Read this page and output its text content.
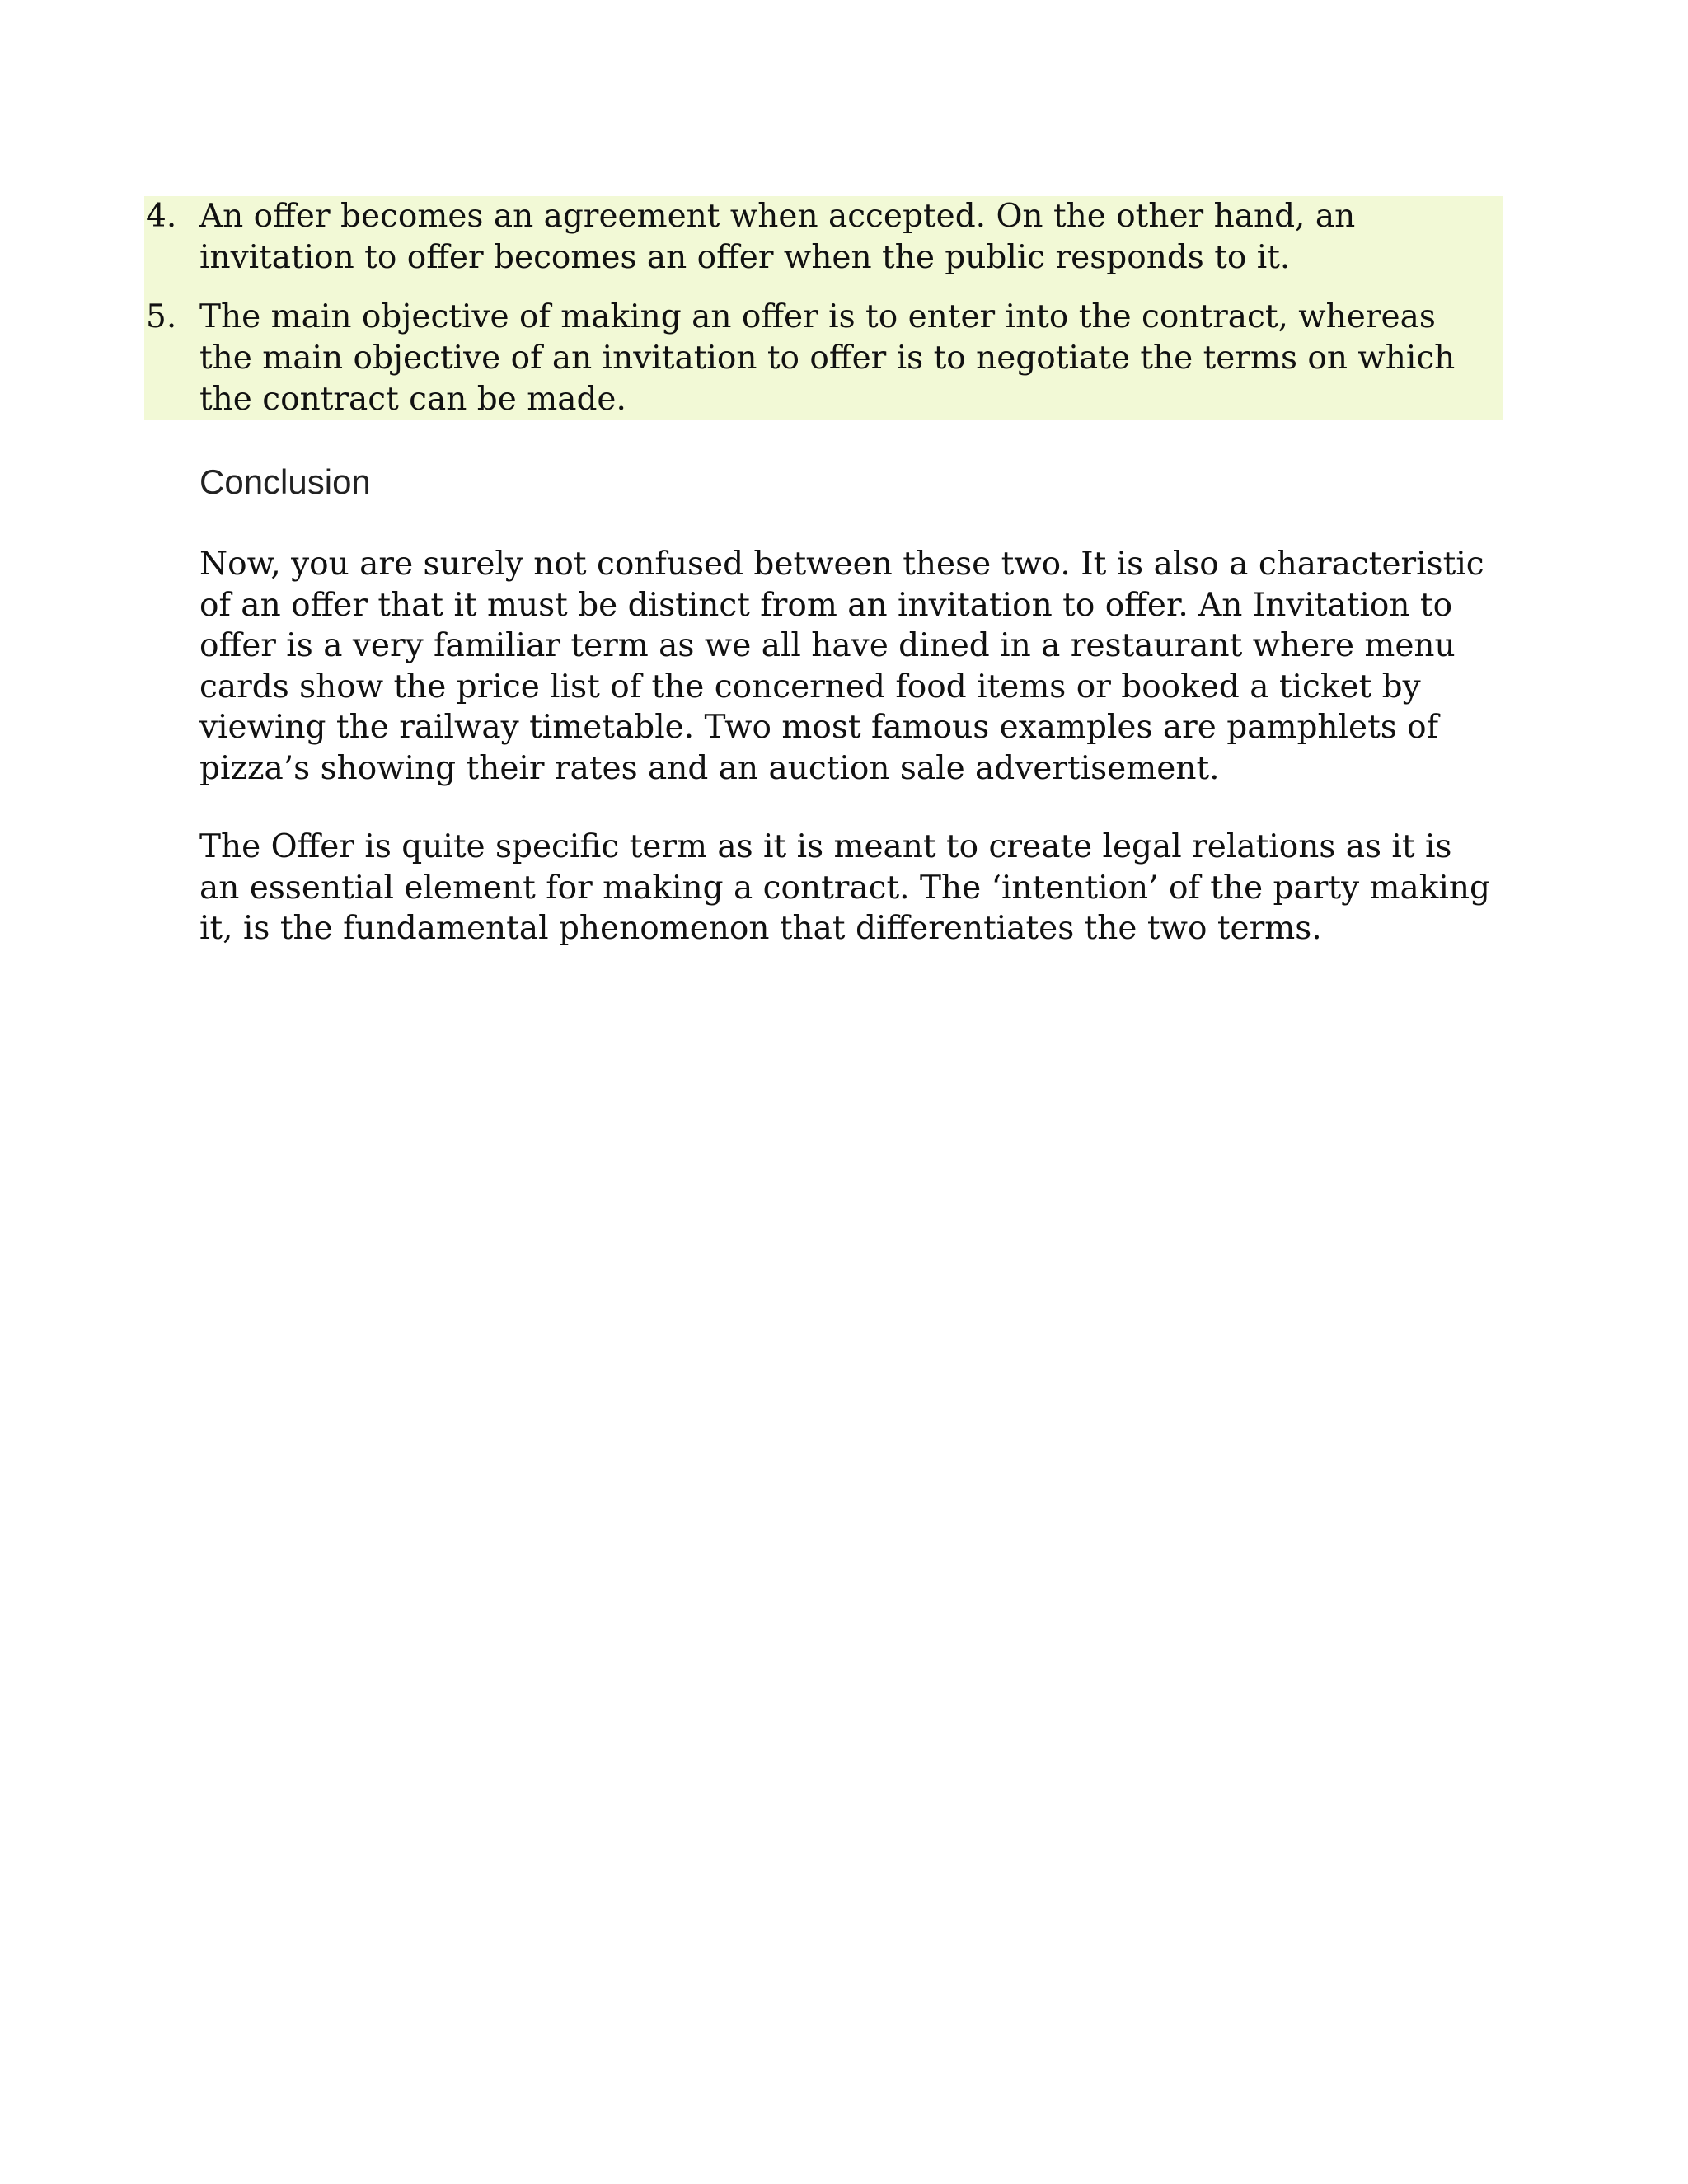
4. An offer becomes an agreement when accepted. On the other hand, an invitation to offer becomes an offer when the public responds to it.
5. The main objective of making an offer is to enter into the contract, whereas the main objective of an invitation to offer is to negotiate the terms on which the contract can be made.
Conclusion

Now, you are surely not confused between these two. It is also a characteristic of an offer that it must be distinct from an invitation to offer. An Invitation to offer is a very familiar term as we all have dined in a restaurant where menu cards show the price list of the concerned food items or booked a ticket by viewing the railway timetable. Two most famous examples are pamphlets of pizza’s showing their rates and an auction sale advertisement.

The Offer is quite specific term as it is meant to create legal relations as it is an essential element for making a contract. The ‘intention’ of the party making it, is the fundamental phenomenon that differentiates the two terms.
